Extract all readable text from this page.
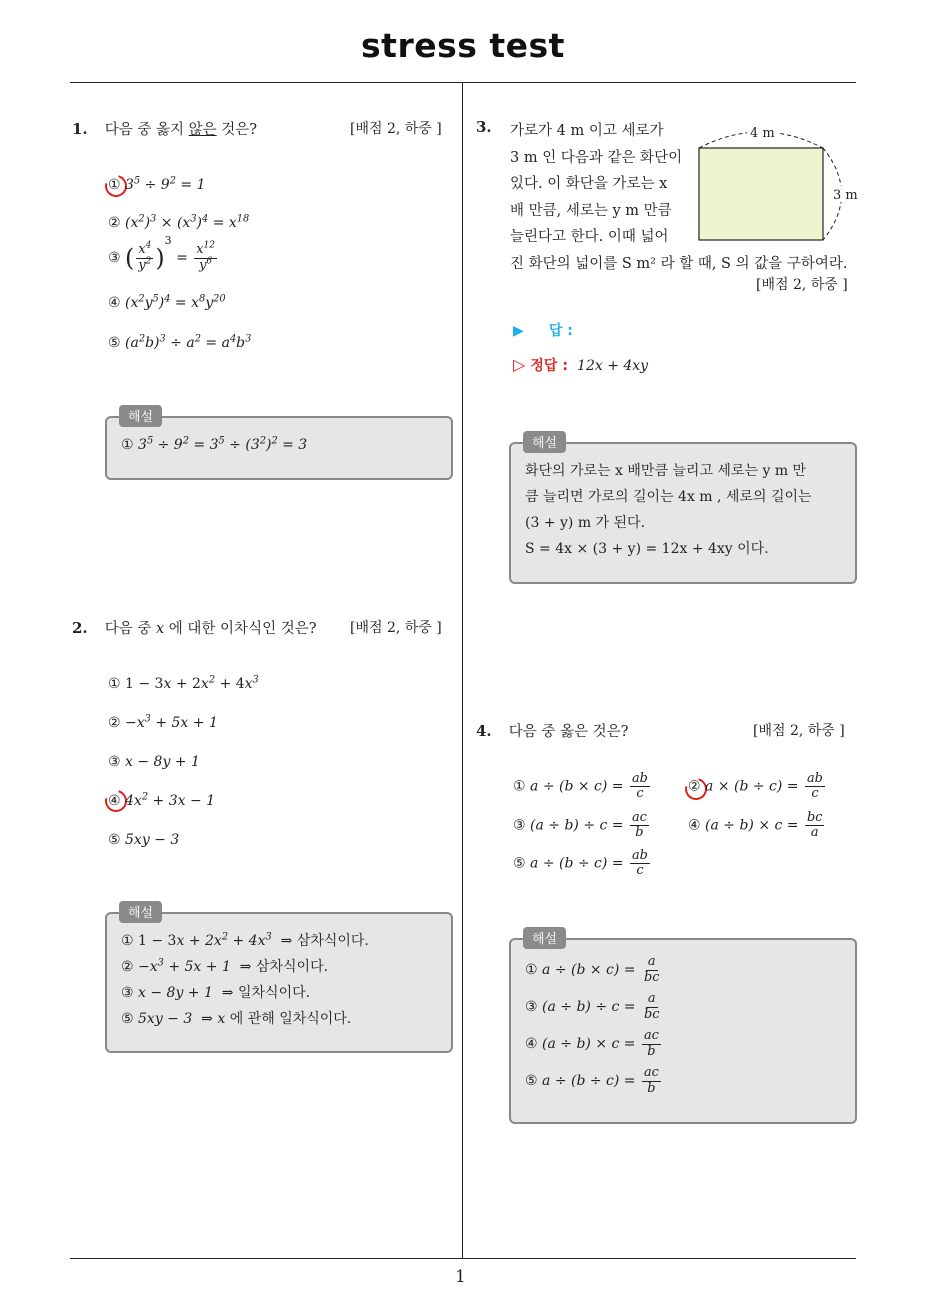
stress test
1
1. 다음 중 옳지 않은 것은?	[배점 2, 하중 ]
① $3^5 \div 9^2 = 1$
② $(x^2)^3 \times (x^3)^4 = x^{18}$
③ ( $\frac{x^4}{y^2} )^3 = \frac{x^{12}}{y^6}$
④ $(x^2y^5)^4 = x^8y^{20}$
⑤ $(a^2b)^3 \div a^2 = a^4b^3$
① $3^5 \div 9^2 = 3^5 \div (3^2)^2 = 3$
해설
2. 다음 중 x 에 대한 이차식인 것은?	[배점 2, 하중 ]
① $1 - 3x + 2x^2 + 4x^3$
② $-x^3 + 5x + 1$
③ x − 8y + 1
④ $4x^2 + 3x - 1$
⑤ 5xy − 3
① $1 - 3x + 2x^2 + 4x^3$  ⇒ 삼차식이다.
② $-x^3 + 5x + 1$  ⇒ 삼차식이다.
③ x − 8y + 1  ⇒ 일차식이다.
⑤ 5xy − 3  ⇒ x 에 관해 일차식이다.
해설
3. 가로가 4 m 이고 세로가
3 m 인 다음과 같은 화단이
있다. 이 화단을 가로는 x
배 만큼, 세로는 y m 만큼
늘린다고 한다. 이때 넓어
진 화단의 넓이를 S m² 라 할 때, S 의 값을 구하여라.
[배점 2, 하중 ]
4 m
3 m
▶ 답 :
▷ 정답 : 12x + 4xy
화단의 가로는 x 배만큼 늘리고 세로는 y m 만
큼 늘리면 가로의 길이는 4x m , 세로의 길이는
(3 + y) m 가 된다.
S = 4x × (3 + y) = 12x + 4xy 이다.
해설
4. 다음 중 옳은 것은?	[배점 2, 하중 ]
① $a \div (b \times c) = \frac{ab}{c}$	② $a \times (b \div c) = \frac{ab}{c}$
③ $(a \div b) \div c = \frac{ac}{b}$	④ $(a \div b) \times c = \frac{bc}{a}$
⑤ $a \div (b \div c) = \frac{ab}{c}$
① $a \div (b \times c) = \frac{a}{bc}$
③ $(a \div b) \div c = \frac{a}{bc}$
④ $(a \div b) \times c = \frac{ac}{b}$
⑤ $a \div (b \div c) = \frac{ac}{b}$
해설
